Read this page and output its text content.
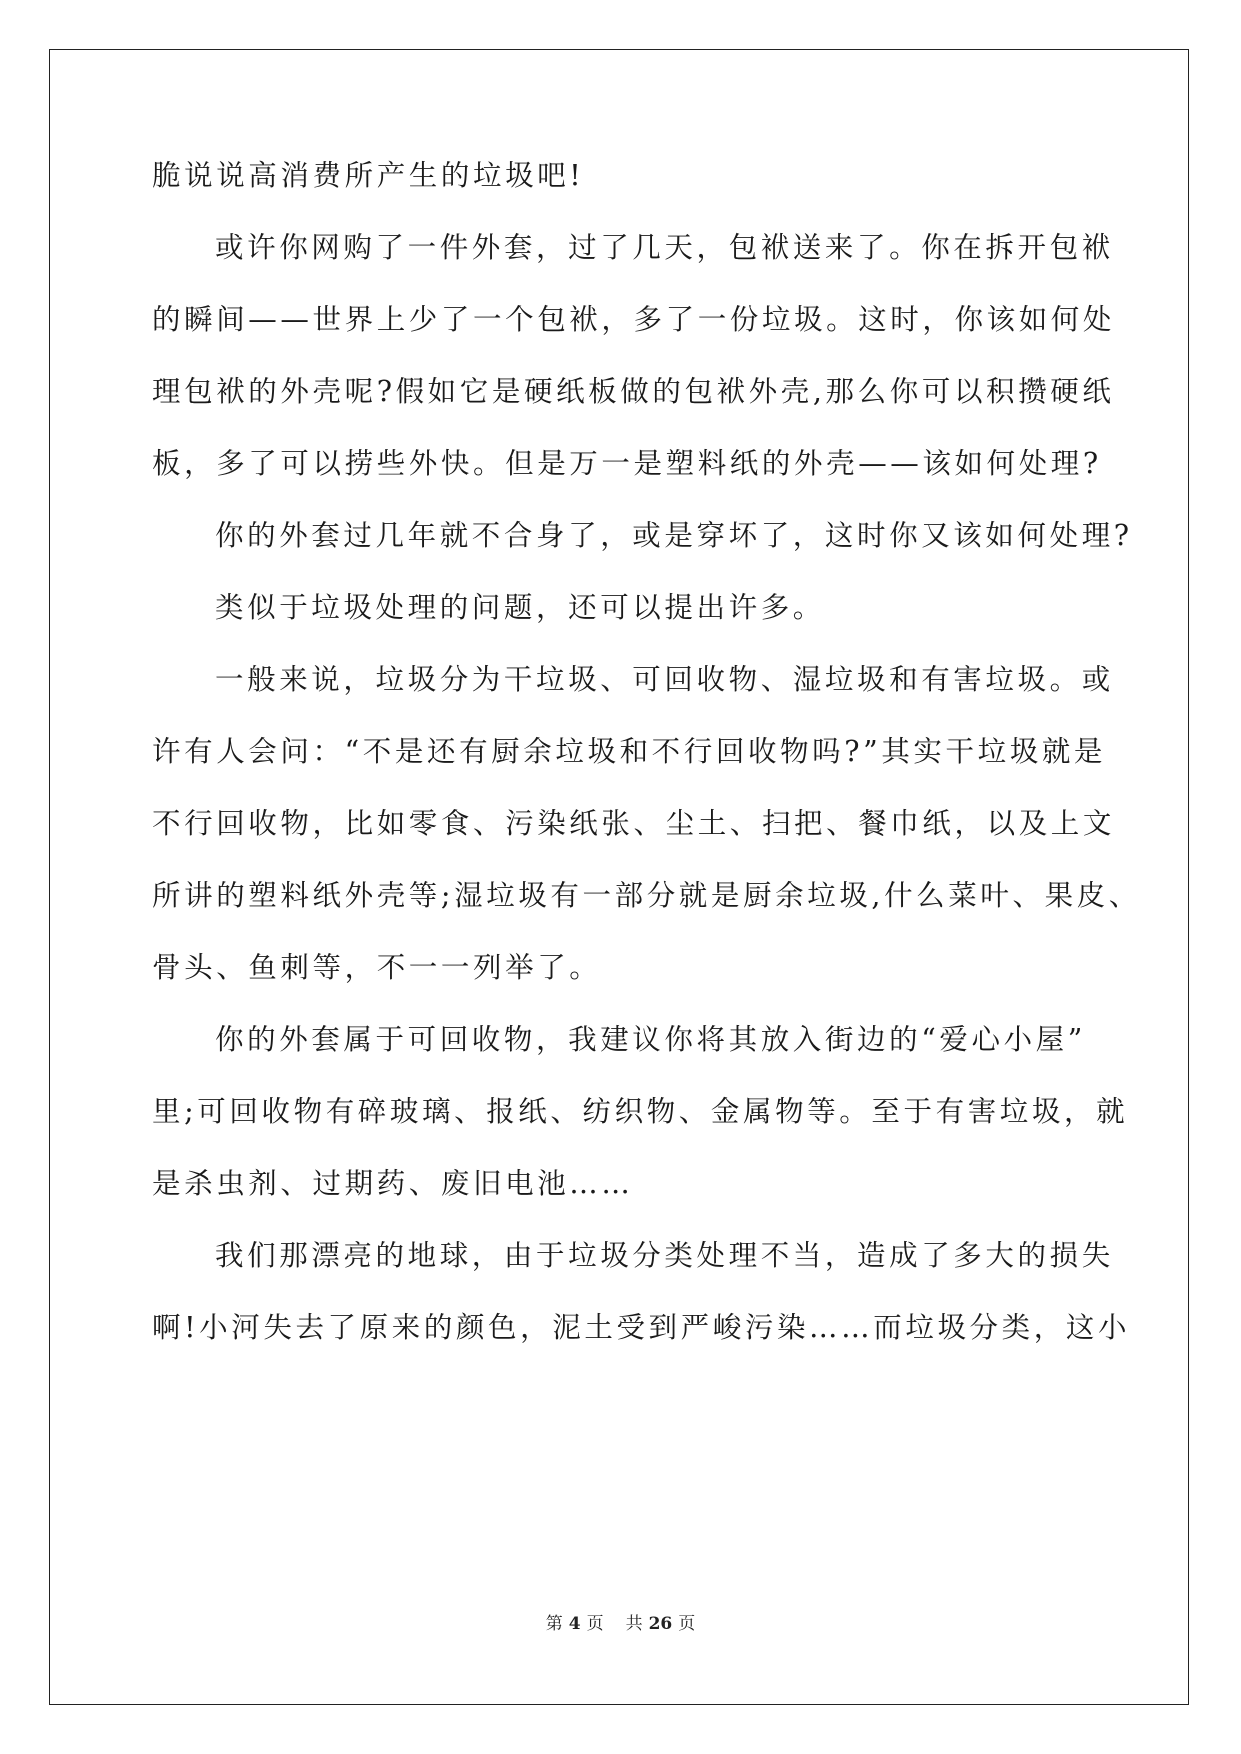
脆说说高消费所产生的垃圾吧!
或许你网购了一件外套，过了几天，包袱送来了。你在拆开包袱
的瞬间——世界上少了一个包袱，多了一份垃圾。这时，你该如何处
理包袱的外壳呢?假如它是硬纸板做的包袱外壳,那么你可以积攒硬纸
板，多了可以捞些外快。但是万一是塑料纸的外壳——该如何处理?
你的外套过几年就不合身了，或是穿坏了，这时你又该如何处理?
类似于垃圾处理的问题，还可以提出许多。
一般来说，垃圾分为干垃圾、可回收物、湿垃圾和有害垃圾。或
许有人会问：“不是还有厨余垃圾和不行回收物吗?”其实干垃圾就是
不行回收物，比如零食、污染纸张、尘土、扫把、餐巾纸，以及上文
所讲的塑料纸外壳等;湿垃圾有一部分就是厨余垃圾,什么菜叶、果皮、
骨头、鱼刺等，不一一列举了。
你的外套属于可回收物，我建议你将其放入街边的“爱心小屋”
里;可回收物有碎玻璃、报纸、纺织物、金属物等。至于有害垃圾，就
是杀虫剂、过期药、废旧电池……
我们那漂亮的地球，由于垃圾分类处理不当，造成了多大的损失
啊!小河失去了原来的颜色，泥土受到严峻污染……而垃圾分类，这小
第 4 页 共 26 页
